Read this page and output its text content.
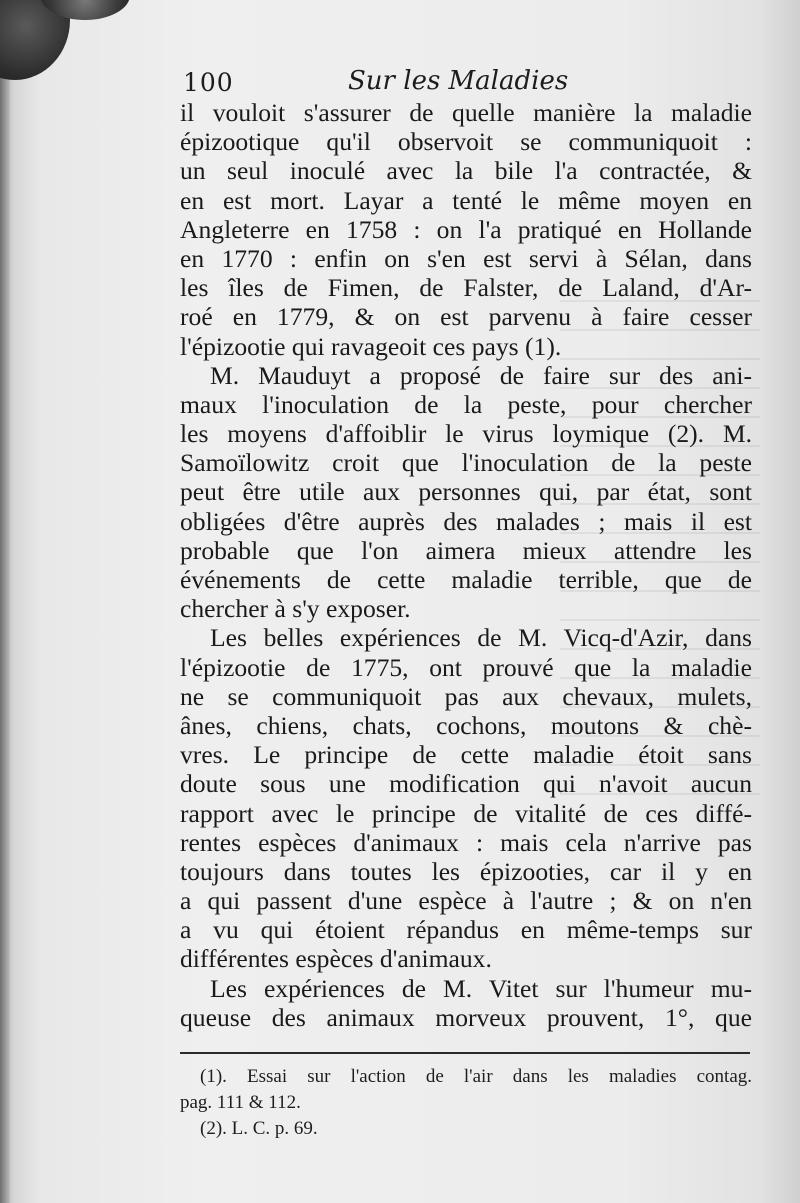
100	Sur les Maladies
il vouloit s'assurer de quelle manière la maladie
épizootique qu'il observoit se communiquoit :
un seul inoculé avec la bile l'a contractée, &
en est mort. Layar a tenté le même moyen en
Angleterre en 1758 : on l'a pratiqué en Hollande
en 1770 : enfin on s'en est servi à Sélan, dans
les îles de Fimen, de Falster, de Laland, d'Ar-
roé en 1779, & on est parvenu à faire cesser
l'épizootie qui ravageoit ces pays (1).
M. Mauduyt a proposé de faire sur des ani-
maux l'inoculation de la peste, pour chercher
les moyens d'affoiblir le virus loymique (2). M.
Samoïlowitz croit que l'inoculation de la peste
peut être utile aux personnes qui, par état, sont
obligées d'être auprès des malades ; mais il est
probable que l'on aimera mieux attendre les
événements de cette maladie terrible, que de
chercher à s'y exposer.
Les belles expériences de M. Vicq-d'Azir, dans
l'épizootie de 1775, ont prouvé que la maladie
ne se communiquoit pas aux chevaux, mulets,
ânes, chiens, chats, cochons, moutons & chè-
vres. Le principe de cette maladie étoit sans
doute sous une modification qui n'avoit aucun
rapport avec le principe de vitalité de ces diffé-
rentes espèces d'animaux : mais cela n'arrive pas
toujours dans toutes les épizooties, car il y en
a qui passent d'une espèce à l'autre ; & on n'en
a vu qui étoient répandus en même-temps sur
différentes espèces d'animaux.
Les expériences de M. Vitet sur l'humeur mu-
queuse des animaux morveux prouvent, 1°, que
(1). Essai sur l'action de l'air dans les maladies contag.
pag. 111 & 112.
(2). L. C. p. 69.
